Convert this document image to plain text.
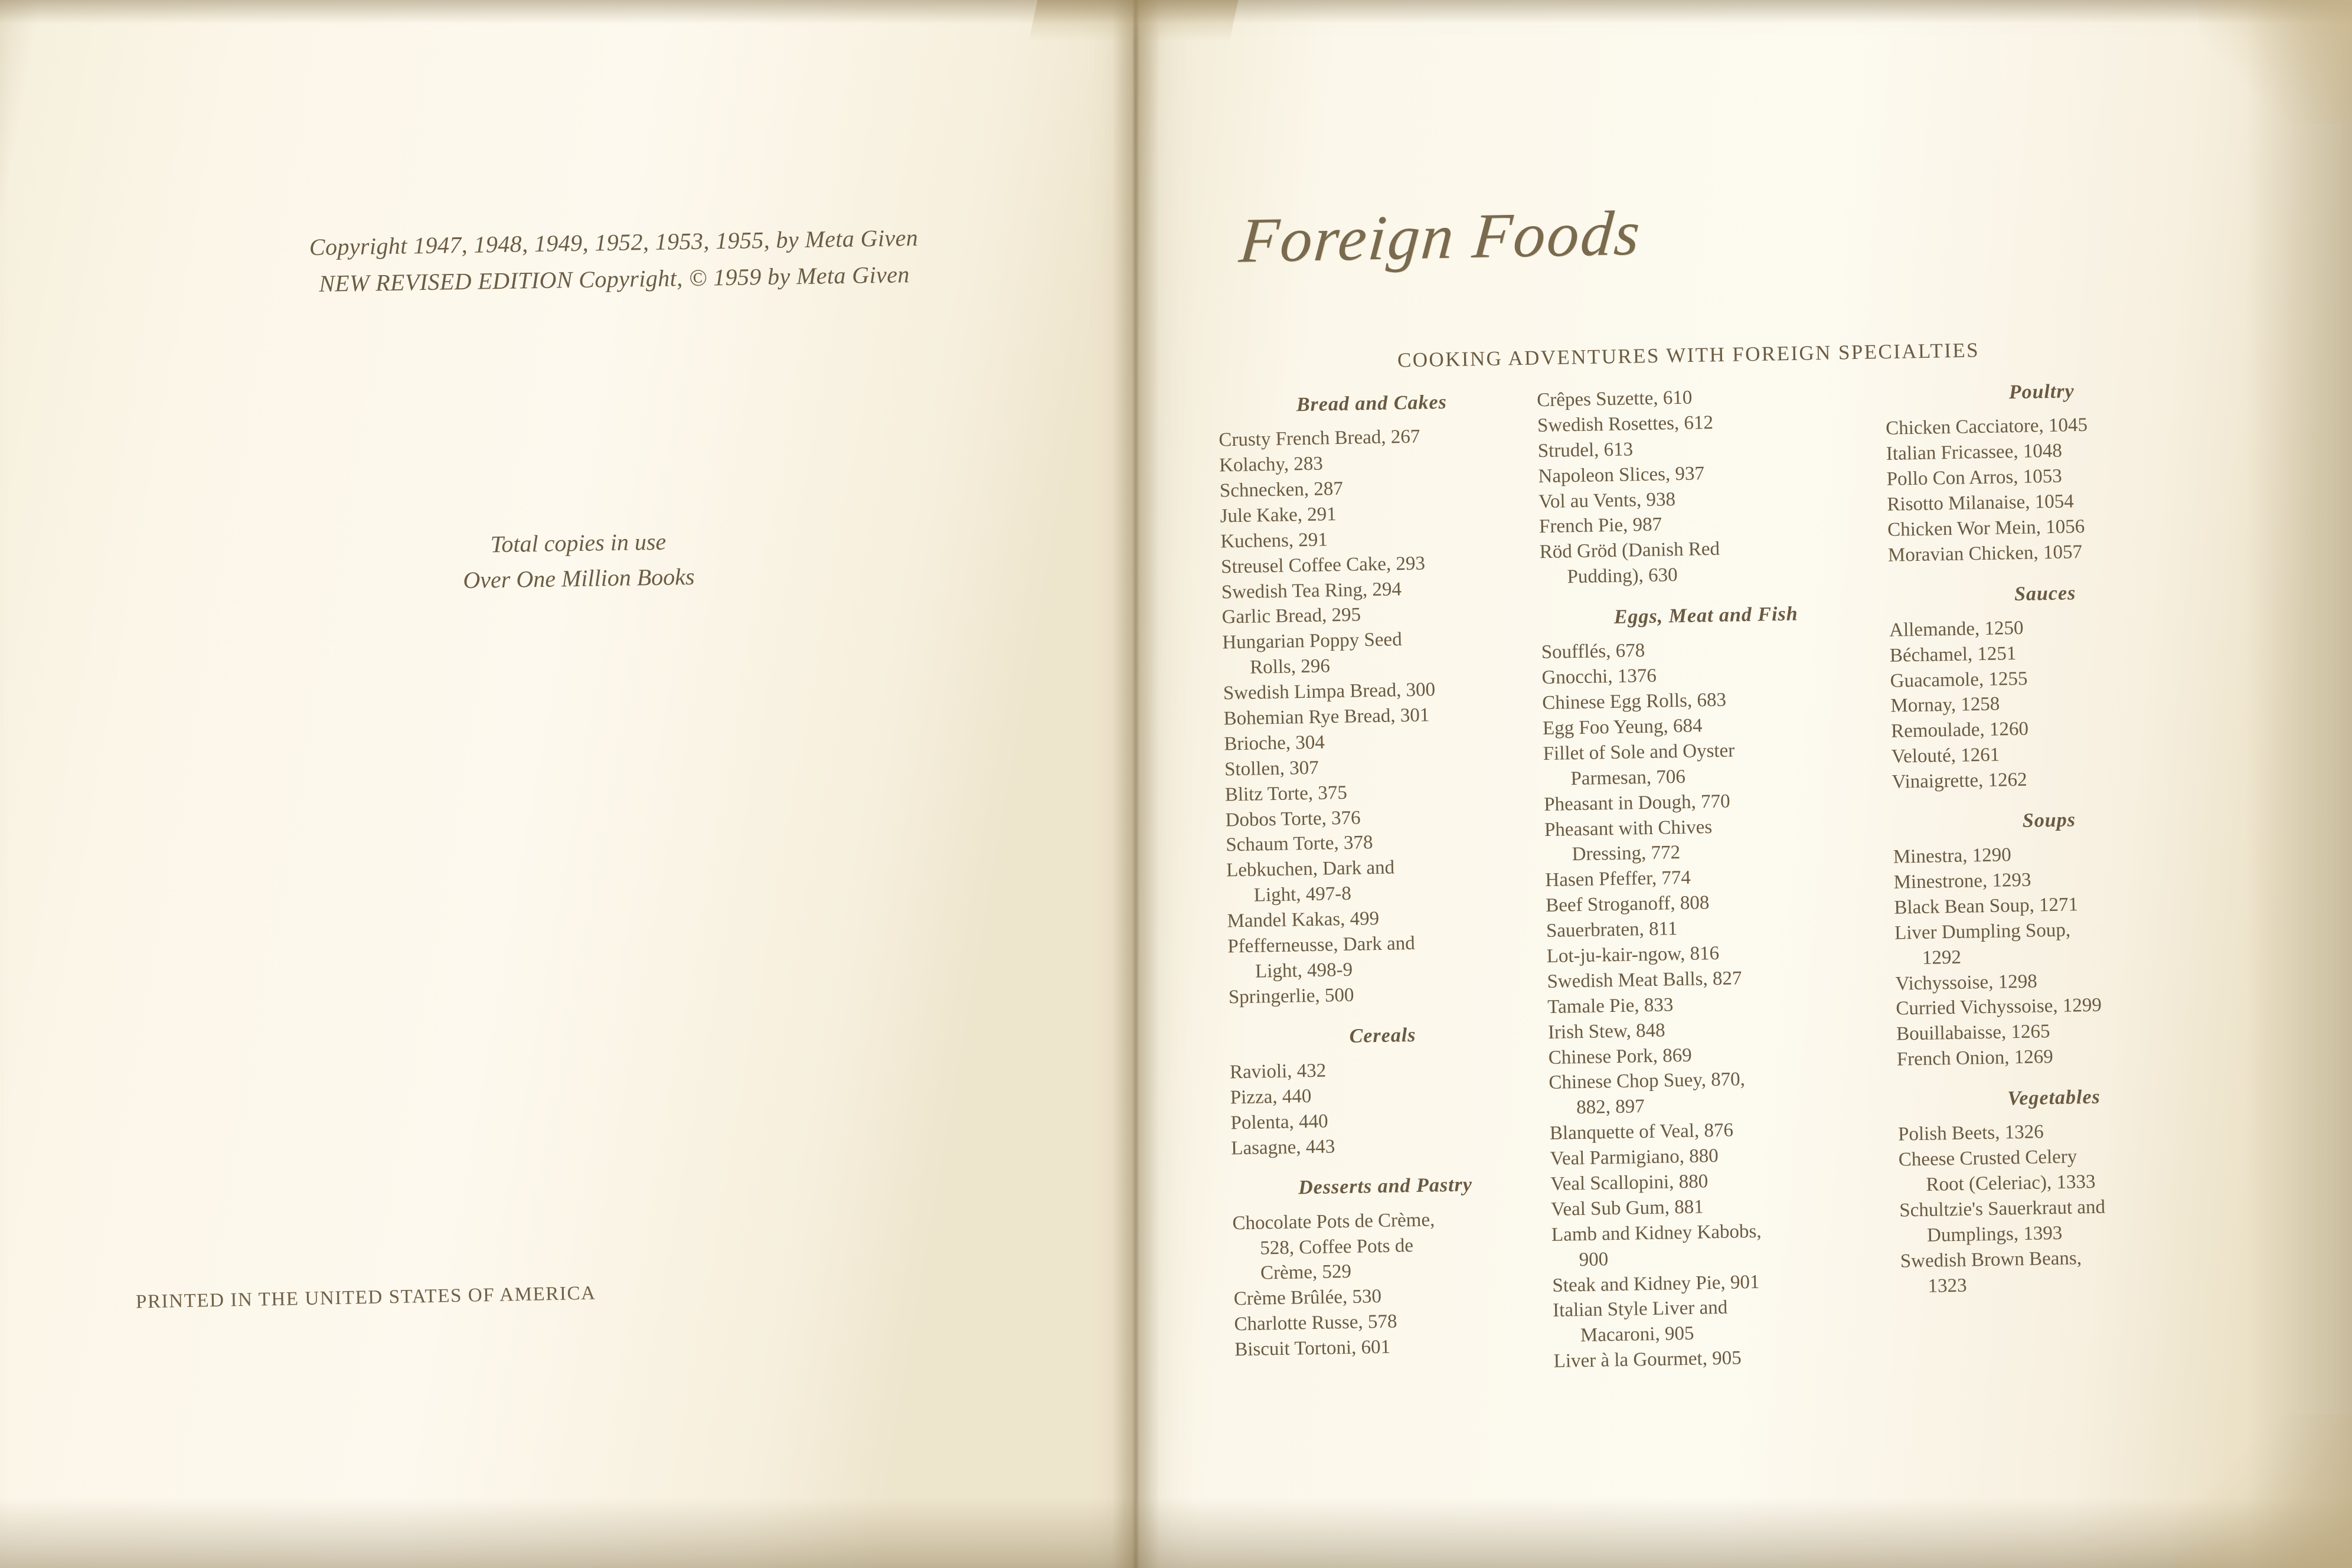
Copyright 1947, 1948, 1949, 1952, 1953, 1955, by Meta Given
NEW REVISED EDITION Copyright, © 1959 by Meta Given
Total copies in use
Over One Million Books
PRINTED IN THE UNITED STATES OF AMERICA
Foreign Foods
COOKING ADVENTURES WITH FOREIGN SPECIALTIES
Bread and Cakes
Crusty French Bread, 267
Kolachy, 283
Schnecken, 287
Jule Kake, 291
Kuchens, 291
Streusel Coffee Cake, 293
Swedish Tea Ring, 294
Garlic Bread, 295
Hungarian Poppy Seed
Rolls, 296
Swedish Limpa Bread, 300
Bohemian Rye Bread, 301
Brioche, 304
Stollen, 307
Blitz Torte, 375
Dobos Torte, 376
Schaum Torte, 378
Lebkuchen, Dark and
Light, 497-8
Mandel Kakas, 499
Pfefferneusse, Dark and
Light, 498-9
Springerlie, 500
Cereals
Ravioli, 432
Pizza, 440
Polenta, 440
Lasagne, 443
Desserts and Pastry
Chocolate Pots de Crème,
528, Coffee Pots de
Crème, 529
Crème Brûlée, 530
Charlotte Russe, 578
Biscuit Tortoni, 601
Crêpes Suzette, 610
Swedish Rosettes, 612
Strudel, 613
Napoleon Slices, 937
Vol au Vents, 938
French Pie, 987
Röd Gröd (Danish Red
Pudding), 630
Eggs, Meat and Fish
Soufflés, 678
Gnocchi, 1376
Chinese Egg Rolls, 683
Egg Foo Yeung, 684
Fillet of Sole and Oyster
Parmesan, 706
Pheasant in Dough, 770
Pheasant with Chives
Dressing, 772
Hasen Pfeffer, 774
Beef Stroganoff, 808
Sauerbraten, 811
Lot-ju-kair-ngow, 816
Swedish Meat Balls, 827
Tamale Pie, 833
Irish Stew, 848
Chinese Pork, 869
Chinese Chop Suey, 870,
882, 897
Blanquette of Veal, 876
Veal Parmigiano, 880
Veal Scallopini, 880
Veal Sub Gum, 881
Lamb and Kidney Kabobs,
900
Steak and Kidney Pie, 901
Italian Style Liver and
Macaroni, 905
Liver à la Gourmet, 905
Poultry
Chicken Cacciatore, 1045
Italian Fricassee, 1048
Pollo Con Arros, 1053
Risotto Milanaise, 1054
Chicken Wor Mein, 1056
Moravian Chicken, 1057
Sauces
Allemande, 1250
Béchamel, 1251
Guacamole, 1255
Mornay, 1258
Remoulade, 1260
Velouté, 1261
Vinaigrette, 1262
Soups
Minestra, 1290
Minestrone, 1293
Black Bean Soup, 1271
Liver Dumpling Soup,
1292
Vichyssoise, 1298
Curried Vichyssoise, 1299
Bouillabaisse, 1265
French Onion, 1269
Vegetables
Polish Beets, 1326
Cheese Crusted Celery
Root (Celeriac), 1333
Schultzie's Sauerkraut and
Dumplings, 1393
Swedish Brown Beans,
1323
